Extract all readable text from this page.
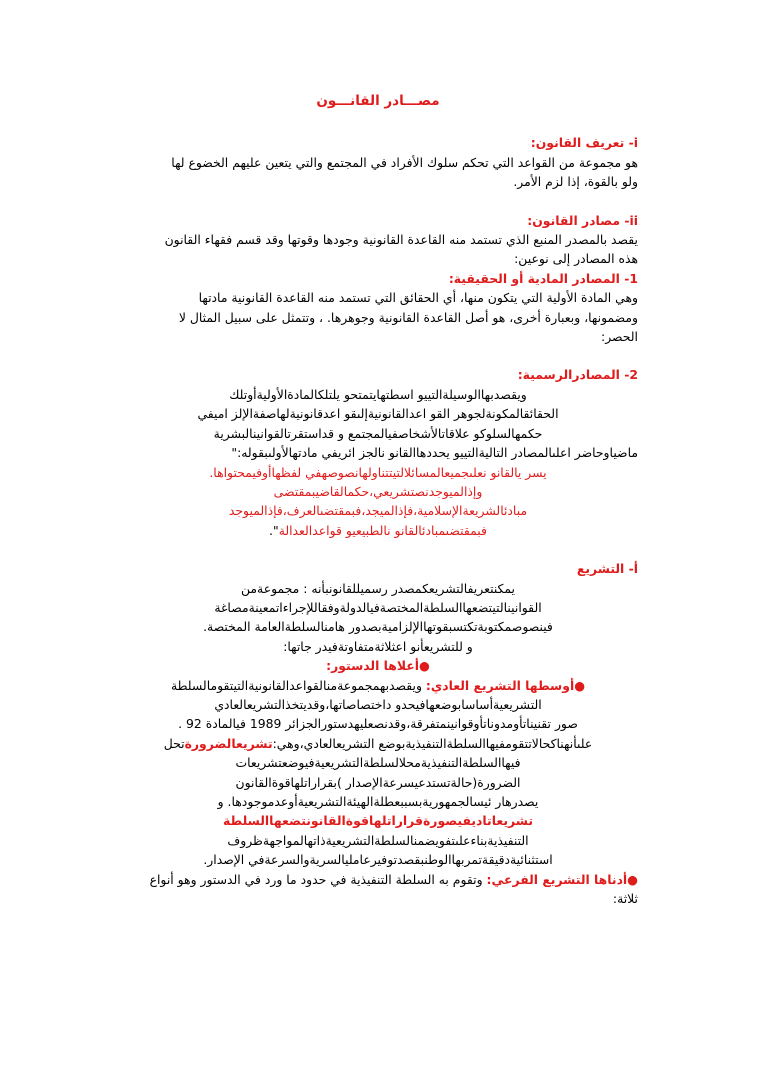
مصـــادر القانـــون
i- تعريف القانون:
هو مجموعة من القواعد التي تحكم سلوك الأفراد في المجتمع والتي يتعين عليهم الخضوع لها
ولو بالقوة، إذا لزم الأمر.
ii- مصادر القانون:
يقصد بالمصدر المنبع الذي تستمد منه القاعدة القانونية وجودها وقوتها وقد قسم فقهاء القانون
هذه المصادر إلى نوعين:
1- المصادر المادية أو الحقيقية:
وهي المادة الأولية التي يتكون منها، أي الحقائق التي تستمد منه القاعدة القانونية مادتها
ومضمونها، وبعبارة أخرى، هو أصل القاعدة القانونية وجوهرها. ، وتتمثل على سبيل المثال لا
الحصر:
2- المصادرالرسمية:
ويقصدبهاالوسيلةالتييو اسطتهايتمتحو يلتلكالمادةالأوليةأوتلك
الحقائقالمكونةلجوهر القو اعدالقانونيةإلىقو اعدقانونيةلهاصفةالإلز اميفي
حكمهالسلوكو علاقاتالأشخاصفيالمجتمع و قداستقرتالقوانينالبشرية
ماضياوحاضر اعلىالمصادر التاليةالتييو يحددهاالقانو نالجز ائريفي مادتهالأولىبقوله:"
يسر يالقانو نعلىجميعالمسائلالتيتتناولهانصوصهفي لفظهاأوفيمحتواها.
وإذالميوجدنصتشريعي،حكمالقاضيبمقتضى
مبادئالشريعةالإسلامية،فإذالميجد،فبمقتضىالعرف،فإذالميوجد
فبمقتضىمبادئالقانو نالطبيعيو قواعدالعدالة".
أ- التشريع
يمكنتعريفالتشريعكمصدر رسميللقانونبأنه : مجموعةمن
القوانينالتيتضعهاالسلطةالمختصةفيالدولةوفقاللإجراءاتمعينةمصاغة
فينصوصمكتوبةتكتسبقوتهاالإلزاميةبصدور هامنالسلطةالعامة المختصة.
و للتشريعأنو اعثلاثةمتفاوتةفيدر جاتها:
●أعلاها الدستور:
●أوسطها التشريع العادي: ويقصدبهمجموعةمنالقواعدالقانونيةالتيتقومالسلطة
التشريعيةأساسابوضعهافيحدو داختصاصاتها،وقديتخذالتشريعالعادي
صور تقنيناتأومدوناتأوقوانينمتفرقة،وقدنصعليهدستورالجزائر 1989 فيالمادة 92 .
علىأنهناكحالاتتقومفيهاالسلطةالتنفيذيةبوضع التشريعالعادي،وهي:تشريعالضرورةتحل
فيهاالسلطةالتنفيذيةمحلالسلطةالتشريعيةفيوضعتشريعات
الضرورة(حالةتستدعيسرعةالإصدار )بقراراتلهاقوةالقانون
يصدرهار ئيسالجمهوريةبسببعطلةالهيئةالتشريعيةأوعدموجودها. و
تشريعاتاديفيصورةقراراتلهاقوةالقانونتضعهاالسلطة
التنفيذيةبناءعلىتفويضمنالسلطةالتشريعيةذاتهالمواجهةظروف
استثنائيةدقيقةتمربهاالوطنبقصدتوفيرعامليالسريةوالسرعةفي الإصدار.
●أدناها التشريع الفرعي: وتقوم به السلطة التنفيذية في حدود ما ورد في الدستور وهو أنواع
ثلاثة:
